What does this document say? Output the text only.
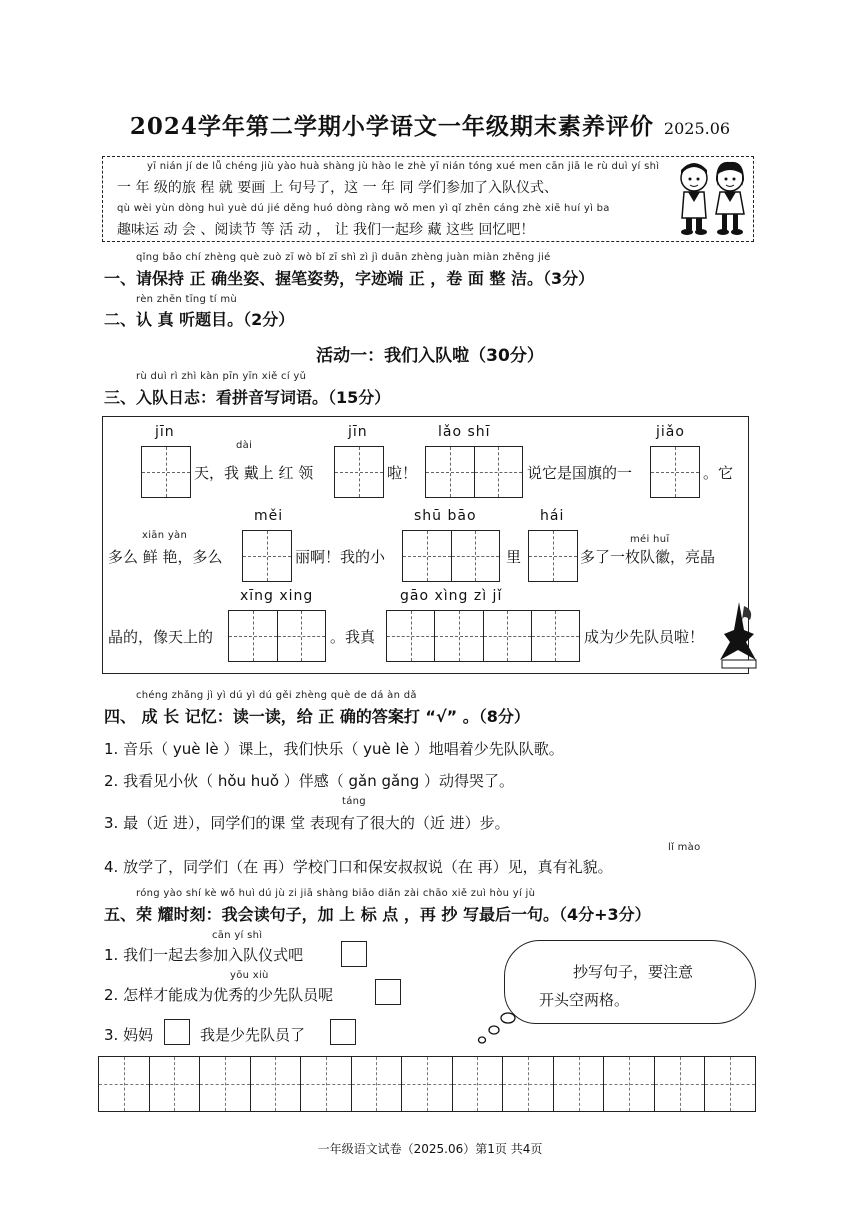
2024学年第二学期小学语文一年级期末素养评价 2025.06
yī nián jí de lǚ chéng jiù yào huà shàng jù hào le zhè yī nián tóng xué men cān jiā le rù duì yí shì
一 年 级的旅 程 就 要画 上 句号了，这 一 年 同 学们参加了入队仪式、
qù wèi yùn dòng huì yuè dú jié děng huó dòng ràng wǒ men yì qǐ zhēn cáng zhè xiē huí yì ba
趣味运 动 会 、阅读节 等 活 动 ， 让 我们一起珍 藏 这些 回忆吧！
qǐng bǎo chí zhèng què zuò zī wò bǐ zī shì zì jì duān zhèng juàn miàn zhěng jié
一、请保持 正 确坐姿、握笔姿势，字迹端 正 ，卷 面 整 洁。（3分）
rèn zhēn tīng tí mù
二、认 真 听题目。（2分）
活动一：我们入队啦（30分）
rù duì rì zhì kàn pīn yīn xiě cí yǔ
三、入队日志：看拼音写词语。（15分）
jīn
dài
天，我 戴上 红 领
jīn
啦！
lǎo shī
说它是国旗的一
jiǎo
。它
xiān yàn
多么 鲜 艳，多么
měi
丽啊！我的小
shū bāo
里
hái
méi huī
多了一枚队徽，亮晶
xīng xing
晶的，像天上的	。我真
gāo xìng zì jǐ
成为少先队员啦！
chéng zhǎng jì yì dú yì dú gěi zhèng què de dá àn dǎ
四、 成 长 记忆：读一读，给 正 确的答案打 “√” 。（8分）
1. 音乐（ yuè lè ）课上，我们快乐（ yuè lè ）地唱着少先队队歌。
2. 我看见小伙（ hǒu huǒ ）伴感（ gǎn gǎng ）动得哭了。
táng
3. 最（近 进），同学们的课 堂 表现有了很大的（近 进）步。
lǐ mào
4. 放学了，同学们（在 再）学校门口和保安叔叔说（在 再）见，真有礼貌。
róng yào shí kè wǒ huì dú jù zi jiā shàng biāo diǎn zài chāo xiě zuì hòu yí jù
五、荣 耀时刻：我会读句子，加 上 标 点 ，再 抄 写最后一句。（4分+3分）
cān yí shì
1. 我们一起去参加入队仪式吧
yōu xiù
2. 怎样才能成为优秀的少先队员呢
3. 妈妈	我是少先队员了
抄写句子，要注意
开头空两格。
一年级语文试卷（2025.06）第1页 共4页
